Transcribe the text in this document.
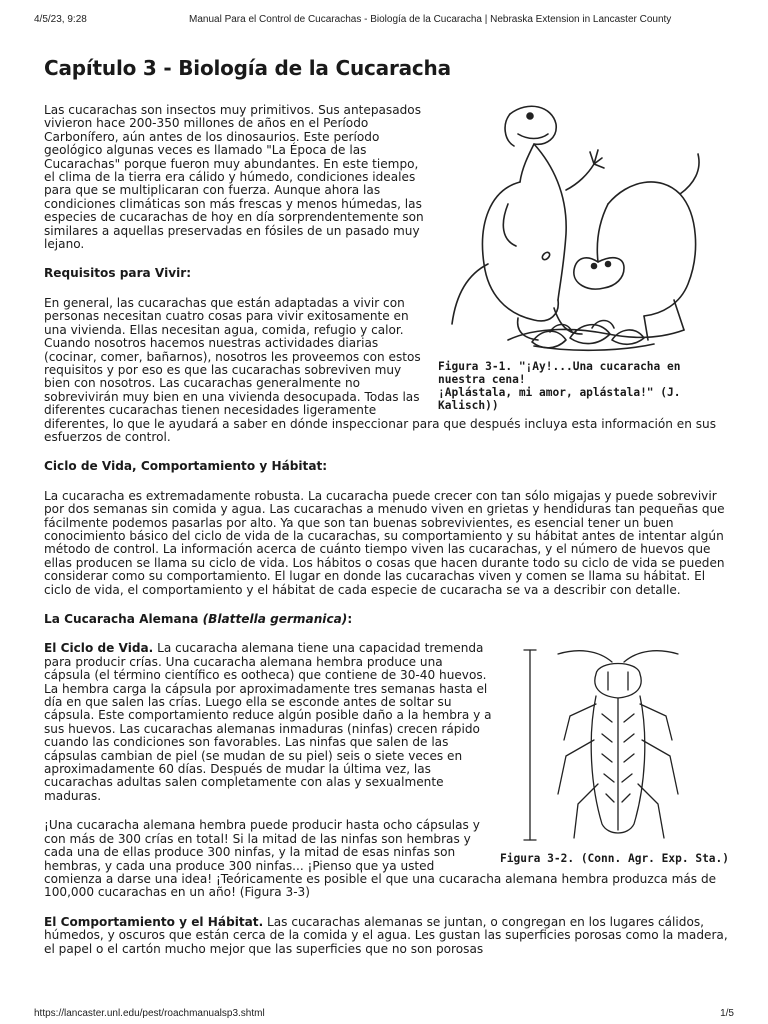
4/5/23, 9:28	Manual Para el Control de Cucarachas - Biología de la Cucaracha | Nebraska Extension in Lancaster County
Capítulo 3 - Biología de la Cucaracha
Figura 3-1. "¡Ay!...Una cucaracha en nuestra cena!
¡Aplástala, mi amor, aplástala!" (J. Kalisch))

Las cucarachas son insectos muy primitivos. Sus antepasados vivieron hace 200-350 millones de años en el Período Carbonífero, aún antes de los dinosaurios. Este período geológico algunas veces es llamado "La Época de las Cucarachas" porque fueron muy abundantes. En este tiempo, el clima de la tierra era cálido y húmedo, condiciones ideales para que se multiplicaran con fuerza. Aunque ahora las condiciones climáticas son más frescas y menos húmedas, las especies de cucarachas de hoy en día sorprendentemente son similares a aquellas preservadas en fósiles de un pasado muy lejano.

Requisitos para Vivir:

En general, las cucarachas que están adaptadas a vivir con personas necesitan cuatro cosas para vivir exitosamente en una vivienda. Ellas necesitan agua, comida, refugio y calor. Cuando nosotros hacemos nuestras actividades diarias (cocinar, comer, bañarnos), nosotros les proveemos con estos requisitos y por eso es que las cucarachas sobreviven muy bien con nosotros. Las cucarachas generalmente no sobrevivirán muy bien en una vivienda desocupada. Todas las diferentes cucarachas tienen necesidades ligeramente diferentes, lo que le ayudará a saber en dónde inspeccionar para que después incluya esta información en sus esfuerzos de control.

Ciclo de Vida, Comportamiento y Hábitat:

La cucaracha es extremadamente robusta. La cucaracha puede crecer con tan sólo migajas y puede sobrevivir por dos semanas sin comida y agua. Las cucarachas a menudo viven en grietas y hendiduras tan pequeñas que fácilmente podemos pasarlas por alto. Ya que son tan buenas sobrevivientes, es esencial tener un buen conocimiento básico del ciclo de vida de la cucarachas, su comportamiento y su hábitat antes de intentar algún método de control. La información acerca de cuánto tiempo viven las cucarachas, y el número de huevos que ellas producen se llama su ciclo de vida. Los hábitos o cosas que hacen durante todo su ciclo de vida se pueden considerar como su comportamiento. El lugar en donde las cucarachas viven y comen se llama su hábitat. El ciclo de vida, el comportamiento y el hábitat de cada especie de cucaracha se va a describir con detalle.

La Cucaracha Alemana (Blattella germanica):
Figura 3-2. (Conn. Agr. Exp. Sta.)

El Ciclo de Vida. La cucaracha alemana tiene una capacidad tremenda para producir crías. Una cucaracha alemana hembra produce una cápsula (el término científico es ootheca) que contiene de 30-40 huevos. La hembra carga la cápsula por aproximadamente tres semanas hasta el día en que salen las crías. Luego ella se esconde antes de soltar su cápsula. Este comportamiento reduce algún posible daño a la hembra y a sus huevos. Las cucarachas alemanas inmaduras (ninfas) crecen rápido cuando las condiciones son favorables. Las ninfas que salen de las cápsulas cambian de piel (se mudan de su piel) seis o siete veces en aproximadamente 60 días. Después de mudar la última vez, las cucarachas adultas salen completamente con alas y sexualmente maduras.

¡Una cucaracha alemana hembra puede producir hasta ocho cápsulas y con más de 300 crías en total! Si la mitad de las ninfas son hembras y cada una de ellas produce 300 ninfas, y la mitad de esas ninfas son hembras, y cada una produce 300 ninfas... ¡Pienso que ya usted comienza a darse una idea! ¡Teóricamente es posible el que una cucaracha alemana hembra produzca más de 100,000 cucarachas en un año! (Figura 3-3)

El Comportamiento y el Hábitat. Las cucarachas alemanas se juntan, o congregan en los lugares cálidos, húmedos, y oscuros que están cerca de la comida y el agua. Les gustan las superficies porosas como la madera, el papel o el cartón mucho mejor que las superficies que no son porosas

https://lancaster.unl.edu/pest/roachmanualsp3.shtml	1/5
